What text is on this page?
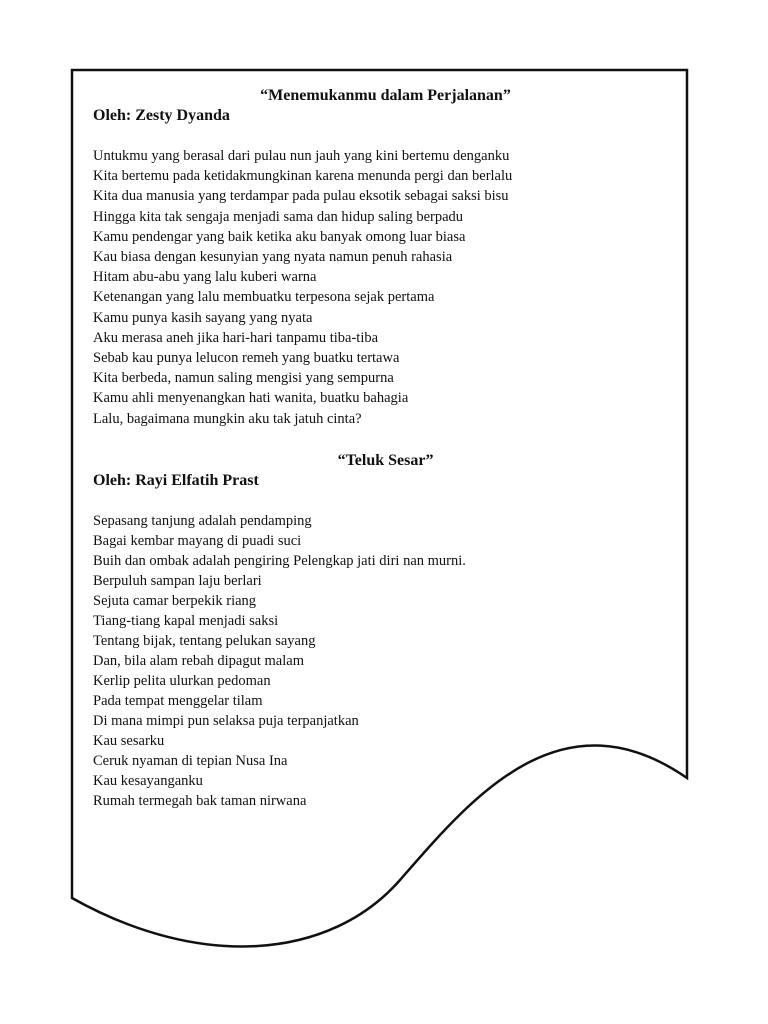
“Menemukanmu dalam Perjalanan”

Oleh: Zesty Dyanda

Untukmu yang berasal dari pulau nun jauh yang kini bertemu denganku
Kita bertemu pada ketidakmungkinan karena menunda pergi dan berlalu
Kita dua manusia yang terdampar pada pulau eksotik sebagai saksi bisu
Hingga kita tak sengaja menjadi sama dan hidup saling berpadu
Kamu pendengar yang baik ketika aku banyak omong luar biasa
Kau biasa dengan kesunyian yang nyata namun penuh rahasia
Hitam abu-abu yang lalu kuberi warna
Ketenangan yang lalu membuatku terpesona sejak pertama
Kamu punya kasih sayang yang nyata
Aku merasa aneh jika hari-hari tanpamu tiba-tiba
Sebab kau punya lelucon remeh yang buatku tertawa
Kita berbeda, namun saling mengisi yang sempurna
Kamu ahli menyenangkan hati wanita, buatku bahagia
Lalu, bagaimana mungkin aku tak jatuh cinta?
“Teluk Sesar”

Oleh: Rayi Elfatih Prast

Sepasang tanjung adalah pendamping
Bagai kembar mayang di puadi suci
Buih dan ombak adalah pengiring Pelengkap jati diri nan murni.
Berpuluh sampan laju berlari
Sejuta camar berpekik riang
Tiang-tiang kapal menjadi saksi
Tentang bijak, tentang pelukan sayang
Dan, bila alam rebah dipagut malam
Kerlip pelita ulurkan pedoman
Pada tempat menggelar tilam
Di mana mimpi pun selaksa puja terpanjatkan
Kau sesarku
Ceruk nyaman di tepian Nusa Ina
Kau kesayanganku
Rumah termegah bak taman nirwana
